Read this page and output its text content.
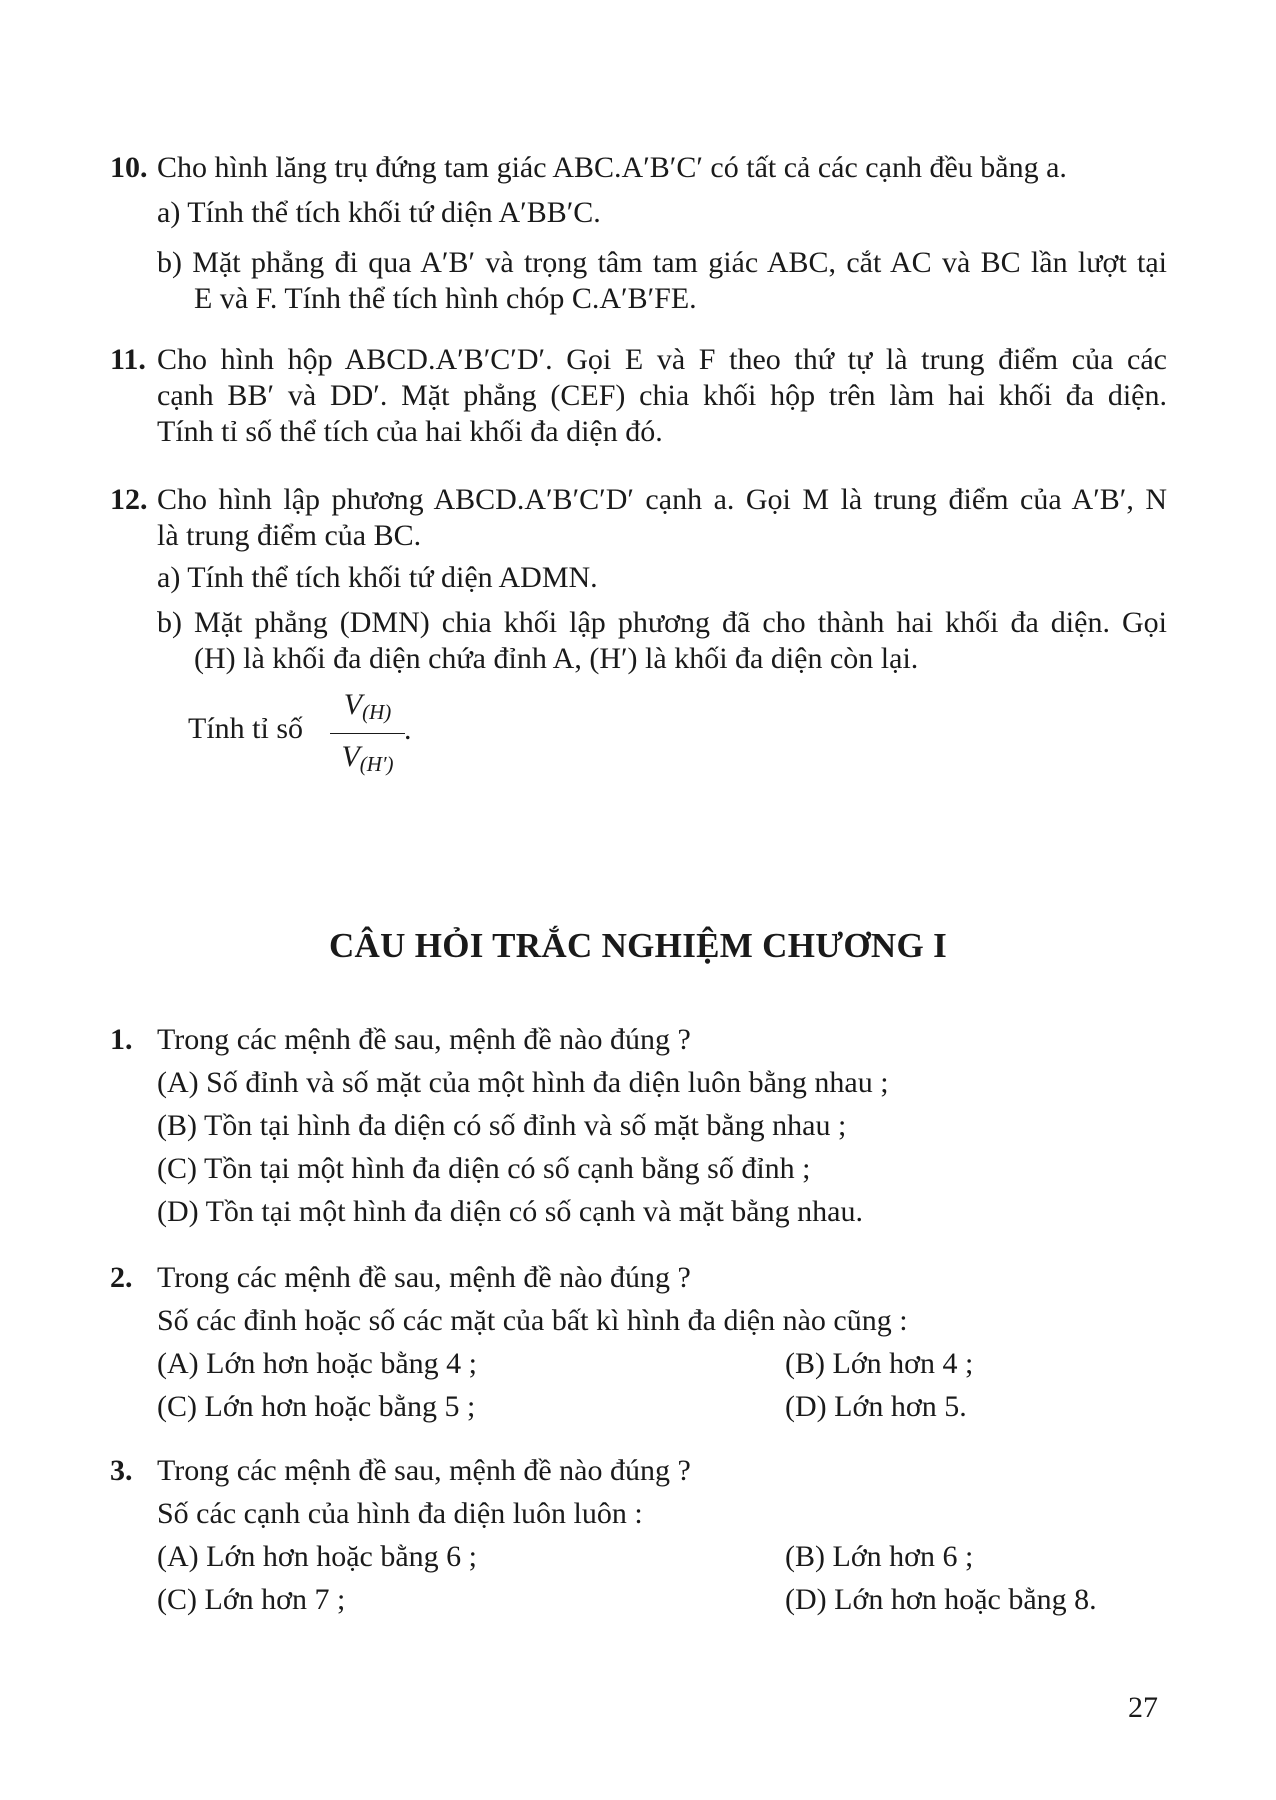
10. Cho hình lăng trụ đứng tam giác ABC.A′B′C′ có tất cả các cạnh đều bằng a.
a) Tính thể tích khối tứ diện A′BB′C.
b) Mặt phẳng đi qua A′B′ và trọng tâm tam giác ABC, cắt AC và BC lần lượt tại
E và F. Tính thể tích hình chóp C.A′B′FE.
11. Cho hình hộp ABCD.A′B′C′D′. Gọi E và F theo thứ tự là trung điểm của các
cạnh BB′ và DD′. Mặt phẳng (CEF) chia khối hộp trên làm hai khối đa diện.
Tính tỉ số thể tích của hai khối đa diện đó.
12. Cho hình lập phương ABCD.A′B′C′D′ cạnh a. Gọi M là trung điểm của A′B′, N
là trung điểm của BC.
a) Tính thể tích khối tứ diện ADMN.
b) Mặt phẳng (DMN) chia khối lập phương đã cho thành hai khối đa diện. Gọi
(H) là khối đa diện chứa đỉnh A, (H′) là khối đa diện còn lại.
Tính tỉ số $\frac{V_{(H)}}{V_{(H')}}$ .
CÂU HỎI TRẮC NGHIỆM CHƯƠNG I
1. Trong các mệnh đề sau, mệnh đề nào đúng ?
(A) Số đỉnh và số mặt của một hình đa diện luôn bằng nhau ;
(B) Tồn tại hình đa diện có số đỉnh và số mặt bằng nhau ;
(C) Tồn tại một hình đa diện có số cạnh bằng số đỉnh ;
(D) Tồn tại một hình đa diện có số cạnh và mặt bằng nhau.
2. Trong các mệnh đề sau, mệnh đề nào đúng ?
Số các đỉnh hoặc số các mặt của bất kì hình đa diện nào cũng :
(A) Lớn hơn hoặc bằng 4 ;	(B) Lớn hơn 4 ;
(C) Lớn hơn hoặc bằng 5 ;	(D) Lớn hơn 5.
3. Trong các mệnh đề sau, mệnh đề nào đúng ?
Số các cạnh của hình đa diện luôn luôn :
(A) Lớn hơn hoặc bằng 6 ;	(B) Lớn hơn 6 ;
(C) Lớn hơn 7 ;	(D) Lớn hơn hoặc bằng 8.
27
